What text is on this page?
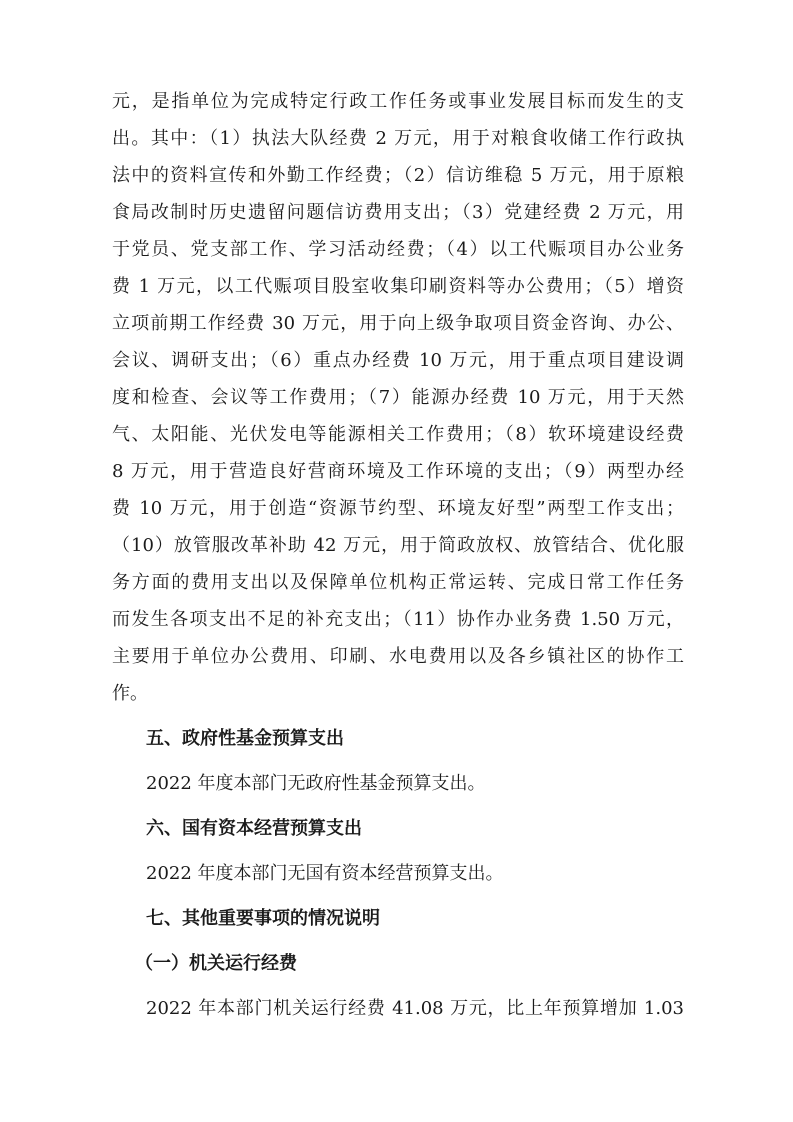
元，是指单位为完成特定行政工作任务或事业发展目标而发生的支
出。其中：（1）执法大队经费 2 万元，用于对粮食收储工作行政执
法中的资料宣传和外勤工作经费；（2）信访维稳 5 万元，用于原粮
食局改制时历史遗留问题信访费用支出；（3）党建经费 2 万元，用
于党员、党支部工作、学习活动经费；（4）以工代赈项目办公业务
费 1 万元，以工代赈项目股室收集印刷资料等办公费用；（5）增资
立项前期工作经费 30 万元，用于向上级争取项目资金咨询、办公、
会议、调研支出；（6）重点办经费 10 万元，用于重点项目建设调
度和检查、会议等工作费用；（7）能源办经费 10 万元，用于天然
气、太阳能、光伏发电等能源相关工作费用；（8）软环境建设经费
8 万元，用于营造良好营商环境及工作环境的支出；（9）两型办经
费 10 万元，用于创造“资源节约型、环境友好型”两型工作支出；
（10）放管服改革补助 42 万元，用于简政放权、放管结合、优化服
务方面的费用支出以及保障单位机构正常运转、完成日常工作任务
而发生各项支出不足的补充支出；（11）协作办业务费 1.50 万元，
主要用于单位办公费用、印刷、水电费用以及各乡镇社区的协作工
作。
五、政府性基金预算支出
2022 年度本部门无政府性基金预算支出。
六、国有资本经营预算支出
2022 年度本部门无国有资本经营预算支出。
七、其他重要事项的情况说明
（一）机关运行经费
2022 年本部门机关运行经费 41.08 万元，比上年预算增加 1.03
